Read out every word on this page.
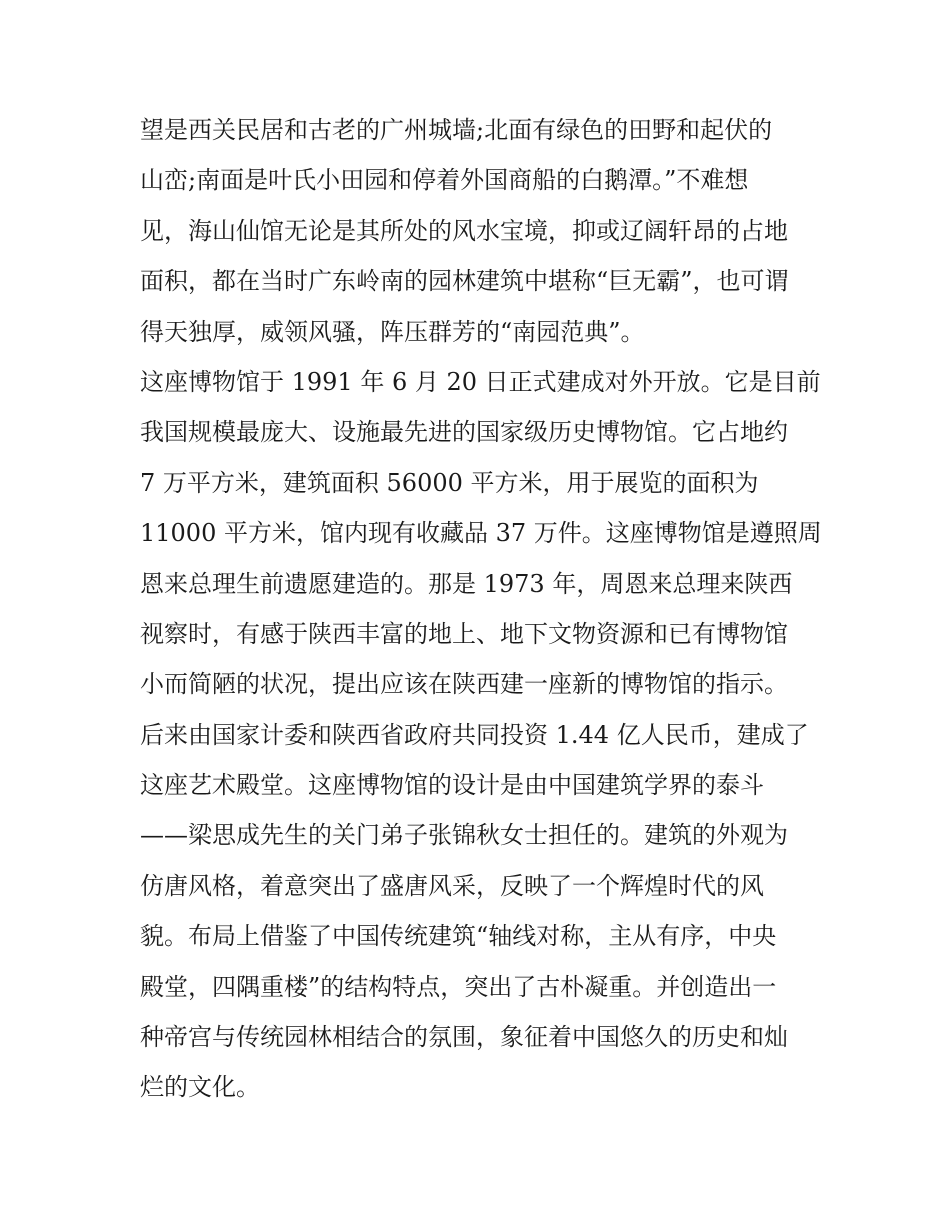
望是西关民居和古老的广州城墙;北面有绿色的田野和起伏的
山峦;南面是叶氏小田园和停着外国商船的白鹅潭。”不难想
见，海山仙馆无论是其所处的风水宝境，抑或辽阔轩昂的占地
面积，都在当时广东岭南的园林建筑中堪称“巨无霸”，也可谓
得天独厚，威领风骚，阵压群芳的“南园范典”。
这座博物馆于 1991 年 6 月 20 日正式建成对外开放。它是目前
我国规模最庞大、设施最先进的国家级历史博物馆。它占地约
7 万平方米，建筑面积 56000 平方米，用于展览的面积为
11000 平方米，馆内现有收藏品 37 万件。这座博物馆是遵照周
恩来总理生前遗愿建造的。那是 1973 年，周恩来总理来陕西
视察时，有感于陕西丰富的地上、地下文物资源和已有博物馆
小而简陋的状况，提出应该在陕西建一座新的博物馆的指示。
后来由国家计委和陕西省政府共同投资 1.44 亿人民币，建成了
这座艺术殿堂。这座博物馆的设计是由中国建筑学界的泰斗
——梁思成先生的关门弟子张锦秋女士担任的。建筑的外观为
仿唐风格，着意突出了盛唐风采，反映了一个辉煌时代的风
貌。布局上借鉴了中国传统建筑“轴线对称，主从有序，中央
殿堂，四隅重楼”的结构特点，突出了古朴凝重。并创造出一
种帝宫与传统园林相结合的氛围，象征着中国悠久的历史和灿
烂的文化。
